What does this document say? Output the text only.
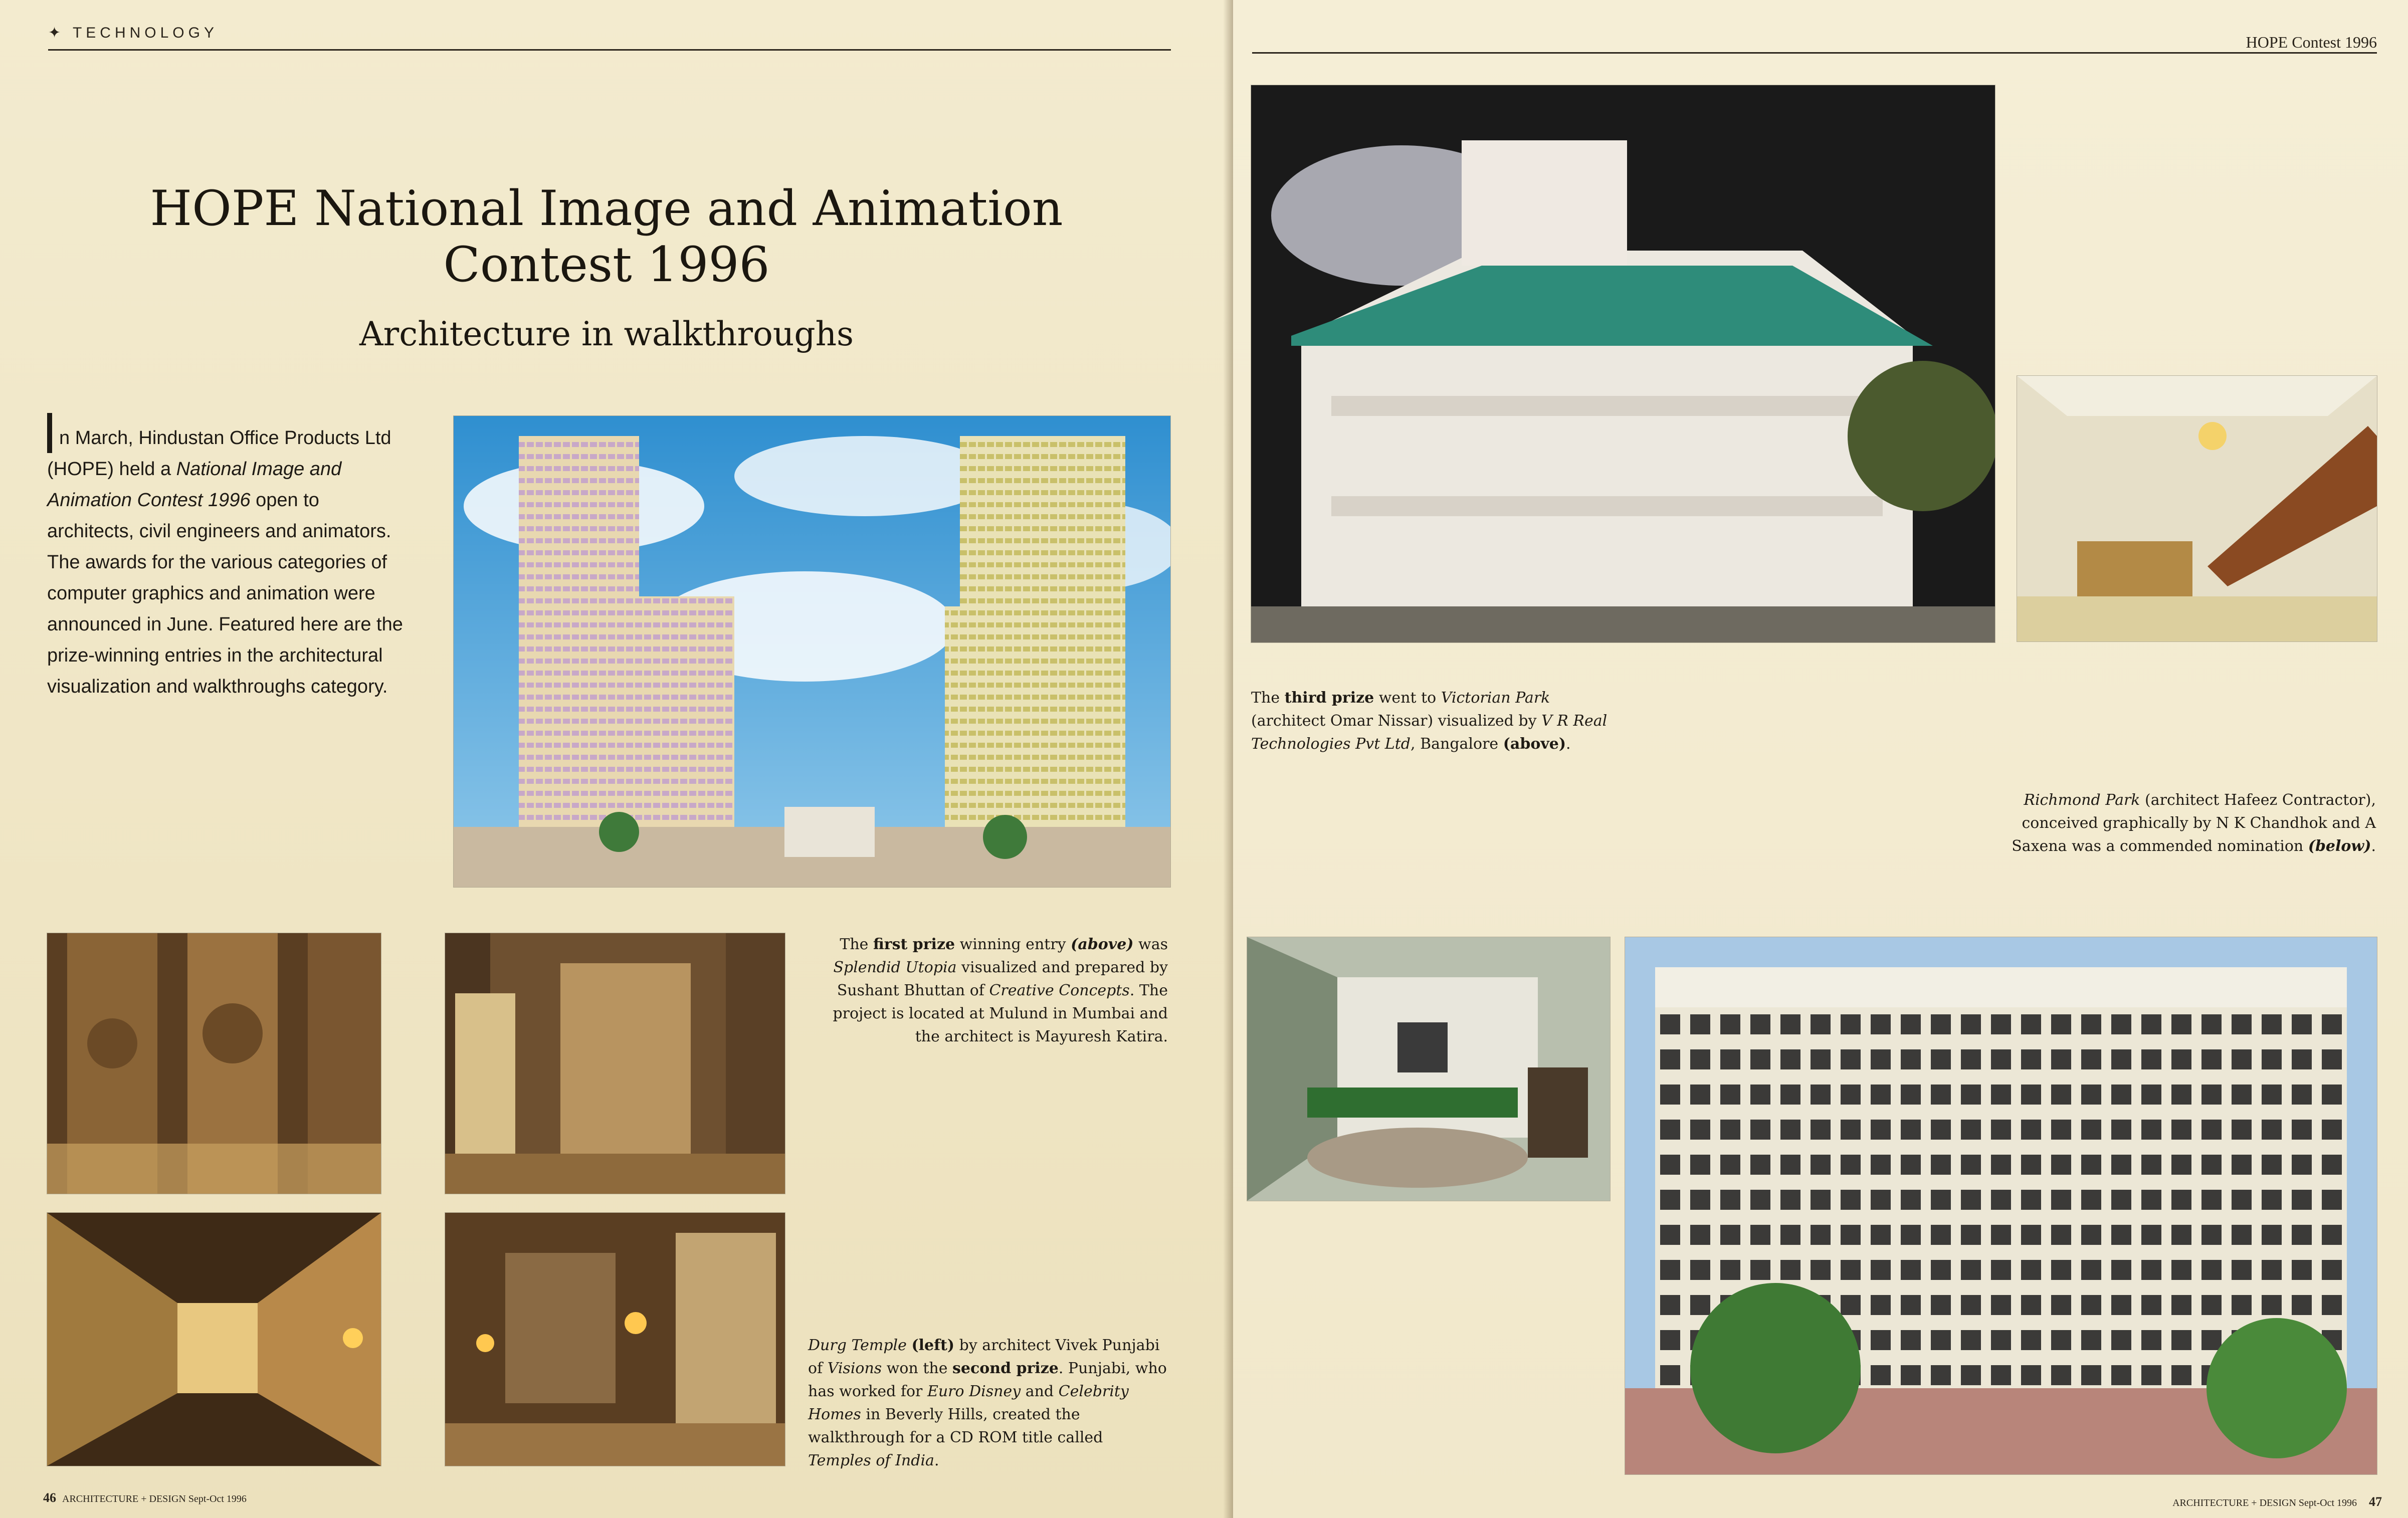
✦ TECHNOLOGY
HOPE National Image and Animation
Contest 1996
Architecture in walkthroughs
n March, Hindustan Office Products Ltd (HOPE) held a National Image and Animation Contest 1996 open to architects, civil engineers and animators. The awards for the various categories of computer graphics and animation were announced in June. Featured here are the prize-winning entries in the architectural visualization and walkthroughs category.
The first prize winning entry (above) was Splendid Utopia visualized and prepared by Sushant Bhuttan of Creative Concepts. The project is located at Mulund in Mumbai and the architect is Mayuresh Katira.
Durg Temple (left) by architect Vivek Punjabi of Visions won the second prize. Punjabi, who has worked for Euro Disney and Celebrity Homes in Beverly Hills, created the walkthrough for a CD ROM title called Temples of India.
46 ARCHITECTURE + DESIGN Sept-Oct 1996
HOPE Contest 1996
The third prize went to Victorian Park (architect Omar Nissar) visualized by V R Real Technologies Pvt Ltd, Bangalore (above).
Richmond Park (architect Hafeez Contractor), conceived graphically by N K Chandhok and A Saxena was a commended nomination (below).
ARCHITECTURE + DESIGN Sept-Oct 1996 47
